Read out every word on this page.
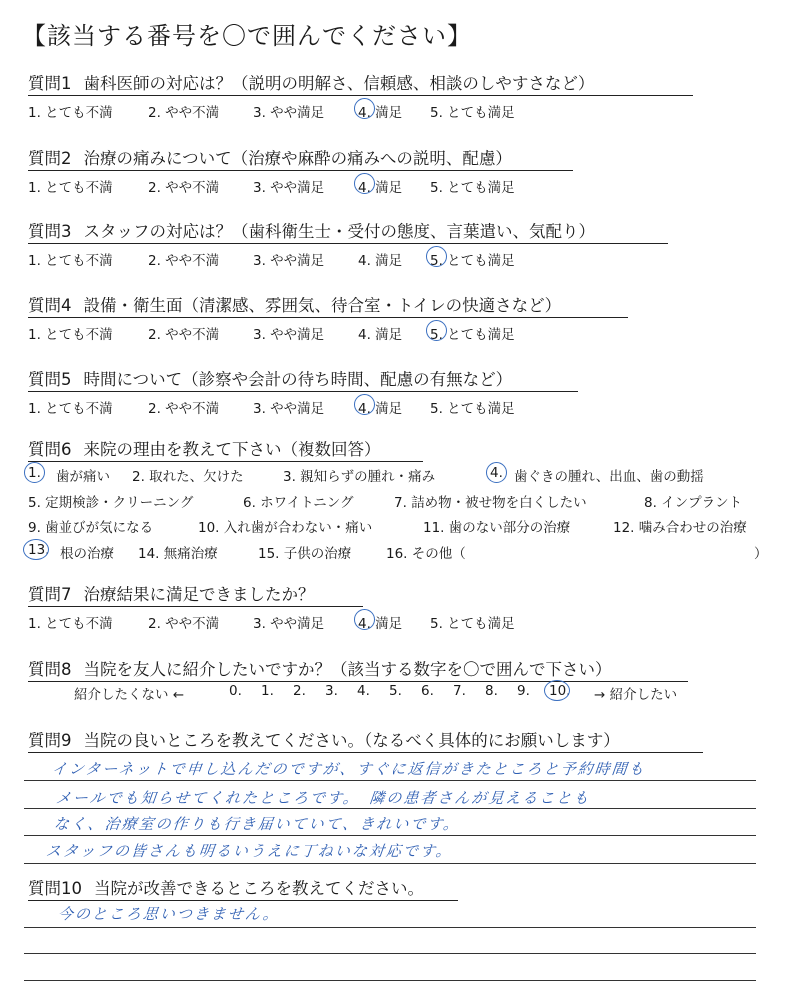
【該当する番号を〇で囲んでください】
質問1 歯科医師の対応は？（説明の明解さ、信頼感、相談のしやすさなど）
1. とても不満	2. やや不満	3. やや満足	4. 満足 5. とても満足
質問2 治療の痛みについて（治療や麻酔の痛みへの説明、配慮）
1. とても不満	2. やや不満	3. やや満足	4. 満足 5. とても満足
質問3 スタッフの対応は？（歯科衛生士・受付の態度、言葉遣い、気配り）
1. とても不満	2. やや不満	3. やや満足	4. 満足 5. とても満足
質問4 設備・衛生面（清潔感、雰囲気、待合室・トイレの快適さなど）
1. とても不満	2. やや不満	3. やや満足	4. 満足 5. とても満足
質問5 時間について（診察や会計の待ち時間、配慮の有無など）
1. とても不満	2. やや不満	3. やや満足	4. 満足 5. とても満足
質問7 治療結果に満足できましたか？
1. とても不満	2. やや不満	3. やや満足	4. 満足 5. とても満足
質問6 来院の理由を教えて下さい（複数回答）
1. 歯が痛い 2. 取れた、欠けた	3. 親知らずの腫れ・痛み	4. 歯ぐきの腫れ、出血、歯の動揺
5. 定期検診・クリーニング	6. ホワイトニング	7. 詰め物・被せ物を白くしたい	8. インプラント
9. 歯並びが気になる	10. 入れ歯が合わない・痛い	11. 歯のない部分の治療	12. 噛み合わせの治療
13. 根の治療 14. 無痛治療	15. 子供の治療	16. その他（	）
質問8 当院を友人に紹介したいですか？（該当する数字を〇で囲んで下さい）
紹介したくない ←	0. 1. 2. 3. 4. 5. 6. 7. 8. 9. 10. → 紹介したい
質問9 当院の良いところを教えてください。（なるべく具体的にお願いします）
インターネットで申し込んだのですが、すぐに返信がきたところと予約時間も
メールでも知らせてくれたところです。　隣の患者さんが見えることも
なく、治療室の作りも行き届いていて、きれいです。
スタッフの皆さんも明るいうえに丁ねいな対応です。
質問10 当院が改善できるところを教えてください。
今のところ思いつきません。
